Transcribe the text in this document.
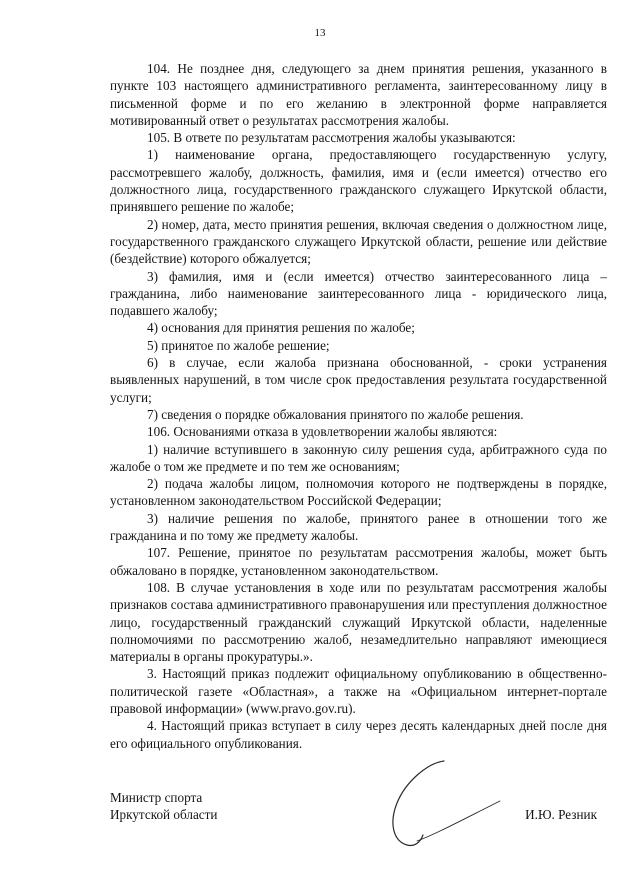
13

104. Не позднее дня, следующего за днем принятия решения, указанного в пункте 103 настоящего административного регламента, заинтересованному лицу в письменной форме и по его желанию в электронной форме направляется мотивированный ответ о результатах рассмотрения жалобы.

105. В ответе по результатам рассмотрения жалобы указываются:

1) наименование органа, предоставляющего государственную услугу, рассмотревшего жалобу, должность, фамилия, имя и (если имеется) отчество его должностного лица, государственного гражданского служащего Иркутской области, принявшего решение по жалобе;

2) номер, дата, место принятия решения, включая сведения о должностном лице, государственного гражданского служащего Иркутской области, решение или действие (бездействие) которого обжалуется;

3) фамилия, имя и (если имеется) отчество заинтересованного лица – гражданина, либо наименование заинтересованного лица - юридического лица, подавшего жалобу;

4) основания для принятия решения по жалобе;

5) принятое по жалобе решение;

6) в случае, если жалоба признана обоснованной, - сроки устранения выявленных нарушений, в том числе срок предоставления результата государственной услуги;

7) сведения о порядке обжалования принятого по жалобе решения.

106. Основаниями отказа в удовлетворении жалобы являются:

1) наличие вступившего в законную силу решения суда, арбитражного суда по жалобе о том же предмете и по тем же основаниям;

2) подача жалобы лицом, полномочия которого не подтверждены в порядке, установленном законодательством Российской Федерации;

3) наличие решения по жалобе, принятого ранее в отношении того же гражданина и по тому же предмету жалобы.

107. Решение, принятое по результатам рассмотрения жалобы, может быть обжаловано в порядке, установленном законодательством.

108. В случае установления в ходе или по результатам рассмотрения жалобы признаков состава административного правонарушения или преступления должностное лицо, государственный гражданский служащий Иркутской области, наделенные полномочиями по рассмотрению жалоб, незамедлительно направляют имеющиеся материалы в органы прокуратуры.».

3. Настоящий приказ подлежит официальному опубликованию в общественно-политической газете «Областная», а также на «Официальном интернет-портале правовой информации» (www.pravo.gov.ru).

4. Настоящий приказ вступает в силу через десять календарных дней после дня его официального опубликования.

Министр спорта
Иркутской области	И.Ю. Резник
